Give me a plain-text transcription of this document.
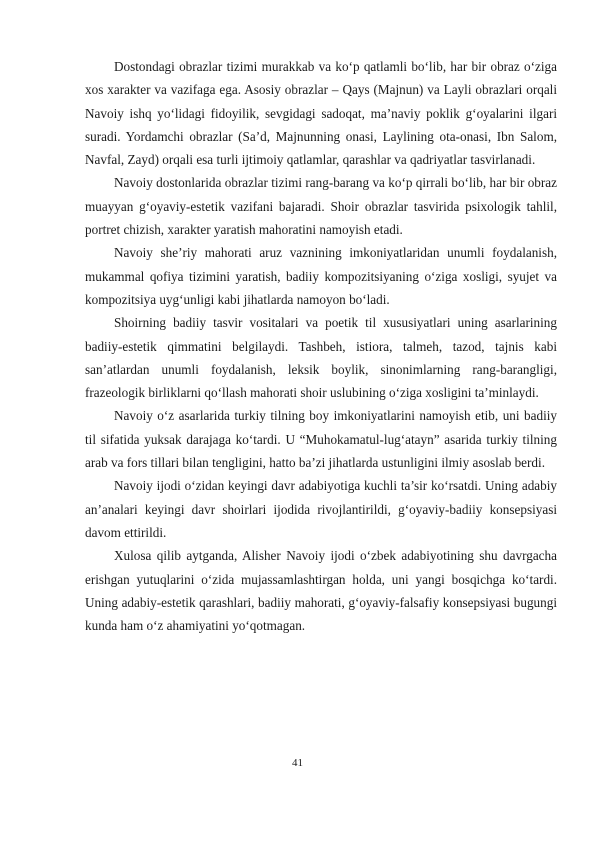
Dostondagi obrazlar tizimi murakkab va ko‘p qatlamli bo‘lib, har bir obraz o‘ziga xos xarakter va vazifaga ega. Asosiy obrazlar – Qays (Majnun) va Layli obrazlari orqali Navoiy ishq yo‘lidagi fidoyilik, sevgidagi sadoqat, ma’naviy poklik g‘oyalarini ilgari suradi. Yordamchi obrazlar (Sa’d, Majnunning onasi, Laylining ota-onasi, Ibn Salom, Navfal, Zayd) orqali esa turli ijtimoiy qatlamlar, qarashlar va qadriyatlar tasvirlanadi.

Navoiy dostonlarida obrazlar tizimi rang-barang va ko‘p qirrali bo‘lib, har bir obraz muayyan g‘oyaviy-estetik vazifani bajaradi. Shoir obrazlar tasvirida psixologik tahlil, portret chizish, xarakter yaratish mahoratini namoyish etadi.

Navoiy she’riy mahorati aruz vaznining imkoniyatlaridan unumli foydalanish, mukammal qofiya tizimini yaratish, badiiy kompozitsiyaning o‘ziga xosligi, syujet va kompozitsiya uyg‘unligi kabi jihatlarda namoyon bo‘ladi.

Shoirning badiiy tasvir vositalari va poetik til xususiyatlari uning asarlarining badiiy-estetik qimmatini belgilaydi. Tashbeh, istiora, talmeh, tazod, tajnis kabi san’atlardan unumli foydalanish, leksik boylik, sinonimlarning rang-barangligi, frazeologik birliklarni qo‘llash mahorati shoir uslubining o‘ziga xosligini ta’minlaydi.

Navoiy o‘z asarlarida turkiy tilning boy imkoniyatlarini namoyish etib, uni badiiy til sifatida yuksak darajaga ko‘tardi. U “Muhokamatul-lug‘atayn” asarida turkiy tilning arab va fors tillari bilan tengligini, hatto ba’zi jihatlarda ustunligini ilmiy asoslab berdi.

Navoiy ijodi o‘zidan keyingi davr adabiyotiga kuchli ta’sir ko‘rsatdi. Uning adabiy an’analari keyingi davr shoirlari ijodida rivojlantirildi, g‘oyaviy-badiiy konsepsiyasi davom ettirildi.

Xulosa qilib aytganda, Alisher Navoiy ijodi o‘zbek adabiyotining shu davrgacha erishgan yutuqlarini o‘zida mujassamlashtirgan holda, uni yangi bosqichga ko‘tardi. Uning adabiy-estetik qarashlari, badiiy mahorati, g‘oyaviy-falsafiy konsepsiyasi bugungi kunda ham o‘z ahamiyatini yo‘qotmagan.

41
